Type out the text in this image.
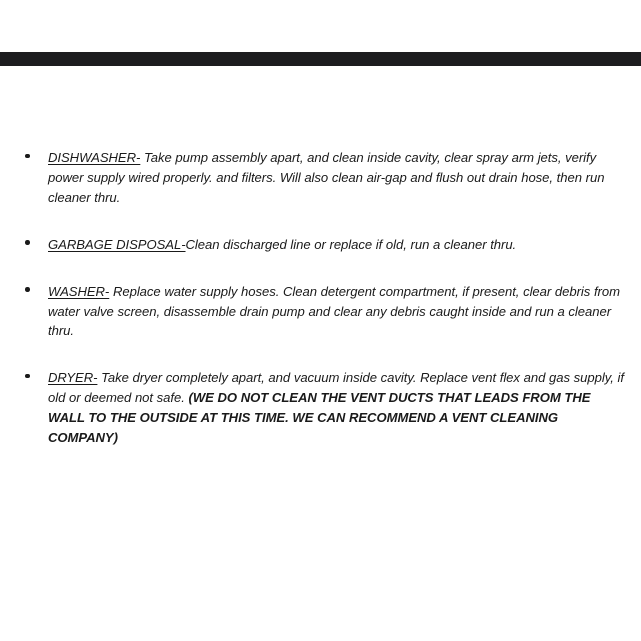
DISHWASHER- Take pump assembly apart, and clean inside cavity, clear spray arm jets, verify power supply wired properly. and filters. Will also clean air-gap and flush out drain hose, then run cleaner thru.
GARBAGE DISPOSAL-Clean discharged line or replace if old, run a cleaner thru.
WASHER- Replace water supply hoses. Clean detergent compartment, if present, clear debris from water valve screen, disassemble drain pump and clear any debris caught inside and run a cleaner thru.
DRYER- Take dryer completely apart, and vacuum inside cavity. Replace vent flex and gas supply, if old or deemed not safe. (WE DO NOT CLEAN THE VENT DUCTS THAT LEADS FROM THE WALL TO THE OUTSIDE AT THIS TIME. WE CAN RECOMMEND A VENT CLEANING COMPANY)
